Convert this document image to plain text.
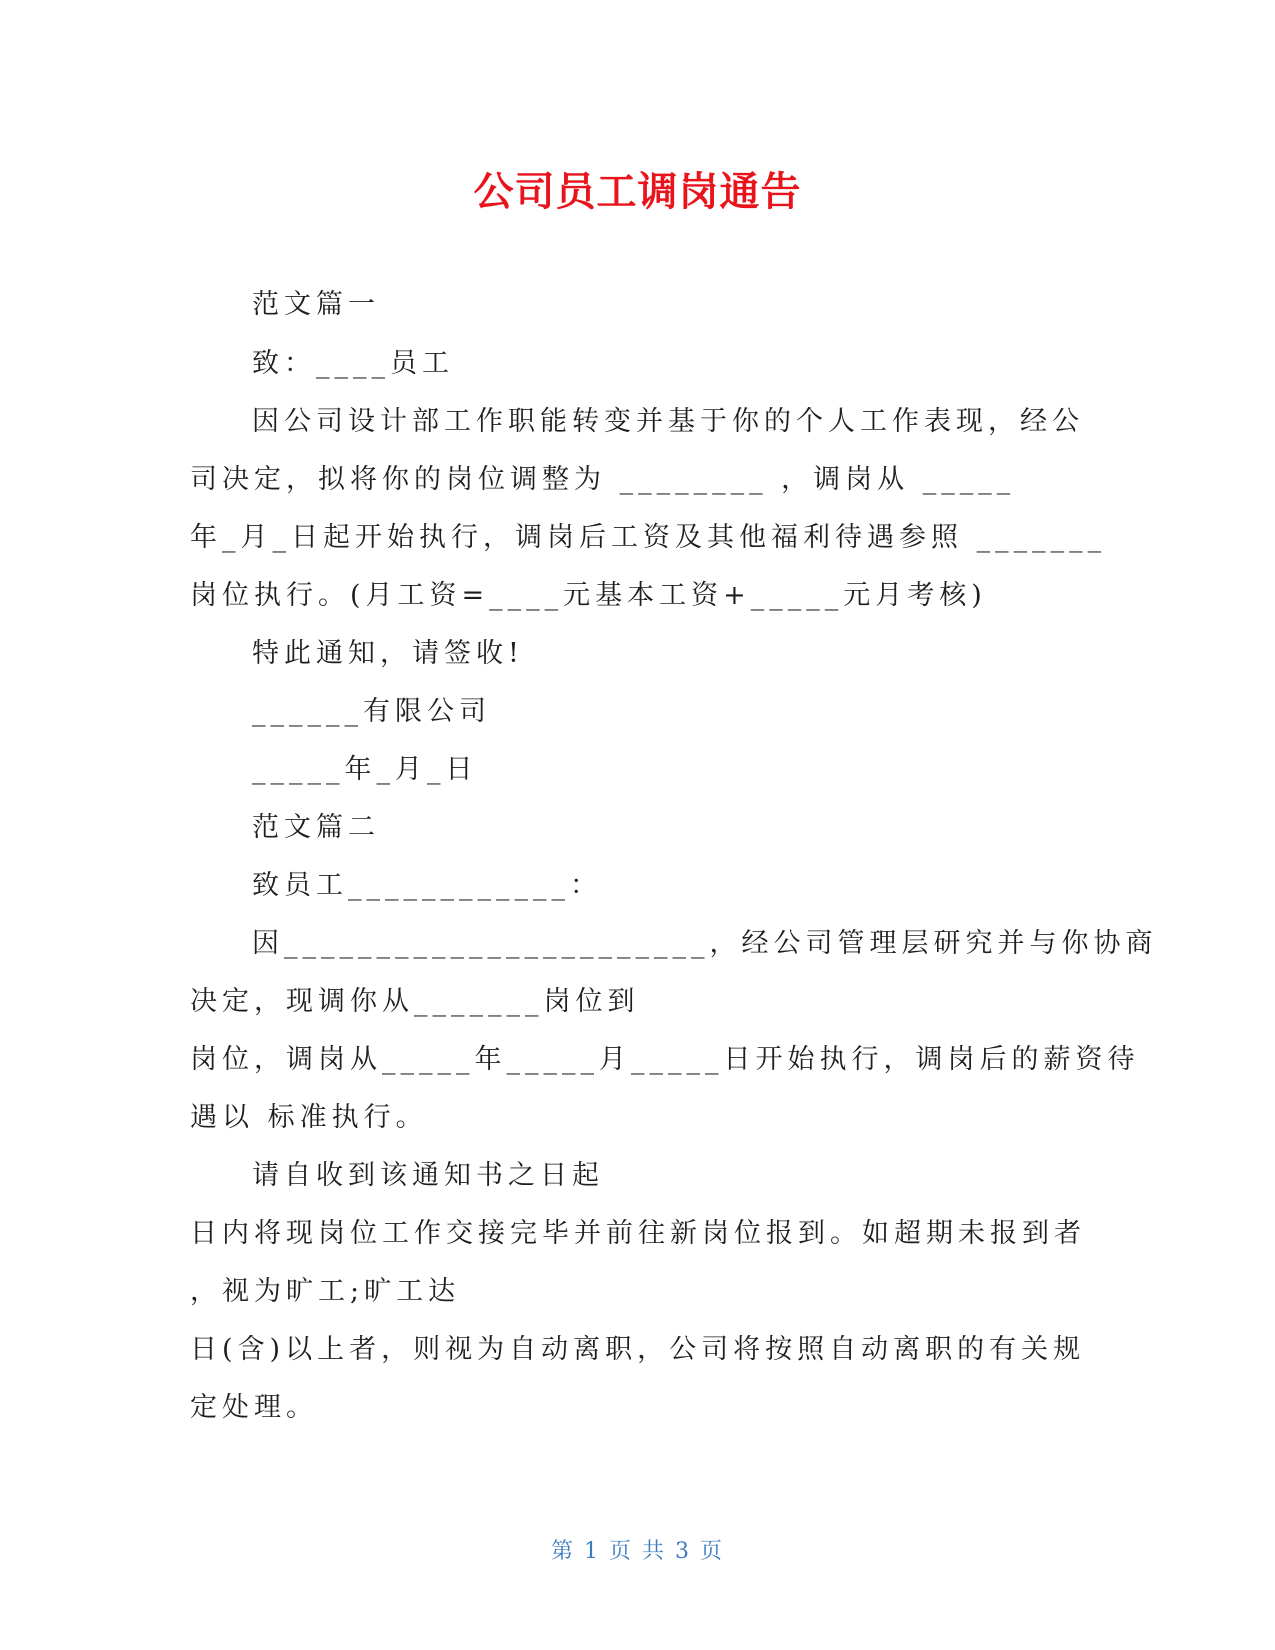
公司员工调岗通告
范文篇一
致：____员工
因公司设计部工作职能转变并基于你的个人工作表现，经公
司决定，拟将你的岗位调整为 ________ ，调岗从 _____
年_月_日起开始执行，调岗后工资及其他福利待遇参照 _______
岗位执行。(月工资=____元基本工资+_____元月考核)
特此通知，请签收!
______有限公司
_____年_月_日
范文篇二
致员工____________：
因_______________________，经公司管理层研究并与你协商
决定，现调你从_______岗位到
岗位，调岗从_____年_____月_____日开始执行，调岗后的薪资待
遇以 标准执行。
请自收到该通知书之日起
日内将现岗位工作交接完毕并前往新岗位报到。如超期未报到者
，视为旷工;旷工达
日(含)以上者，则视为自动离职，公司将按照自动离职的有关规
定处理。
第 1 页 共 3 页
